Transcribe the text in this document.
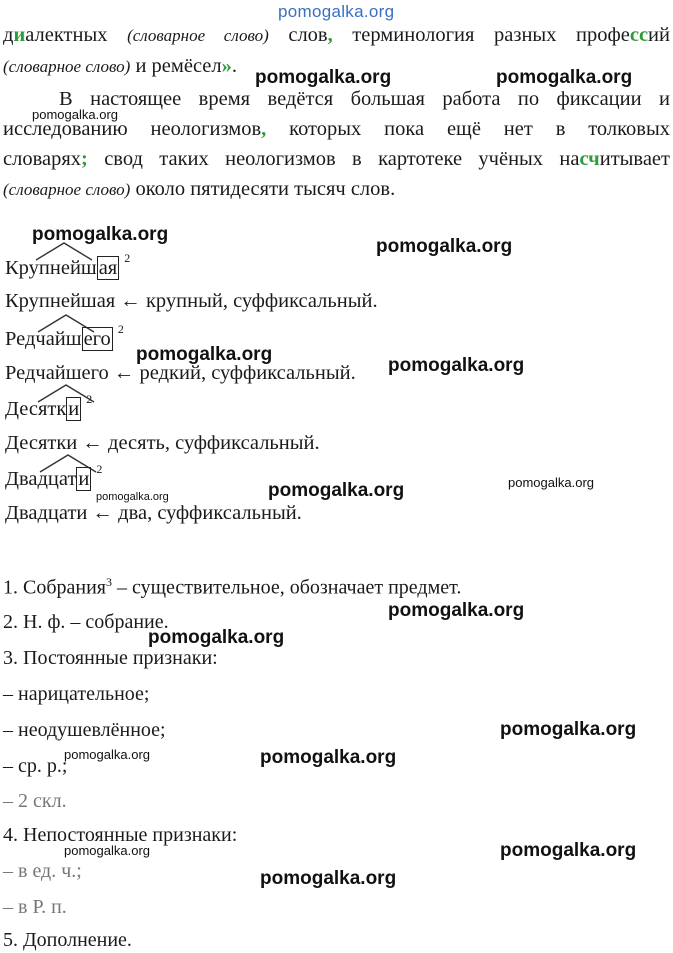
pomogalka.org
диалектных (словарное слово) слов, терминология разных профессий
(словарное слово) и ремёсел».
В настоящее время ведётся большая работа по фиксации и
исследованию неологизмов, которых пока ещё нет в толковых
словарях; свод таких неологизмов в картотеке учёных насчитывает
(словарное слово) около пятидесяти тысяч слов.
Крупнейшая $^2$
Крупнейшая ← крупный, суффиксальный.
Редчайшего $^2$
Редчайшего ← редкий, суффиксальный.
Десятки $^2$
Десятки ← десять, суффиксальный.
Двадцати $^2$
Двадцати ← два, суффиксальный.
1. Собрания$^3$ – существительное, обозначает предмет.
2. Н. ф. – собрание.
3. Постоянные признаки:
– нарицательное;
– неодушевлённое;
– ср. р.;
– 2 скл.
4. Непостоянные признаки:
– в ед. ч.;
– в Р. п.
5. Дополнение.
pomogalka.org	pomogalka.org
pomogalka.org
pomogalka.org
pomogalka.org
pomogalka.org
pomogalka.org
pomogalka.org	pomogalka.org
pomogalka.org
pomogalka.org
pomogalka.org
pomogalka.org
pomogalka.org	pomogalka.org
pomogalka.org	pomogalka.org
pomogalka.org
